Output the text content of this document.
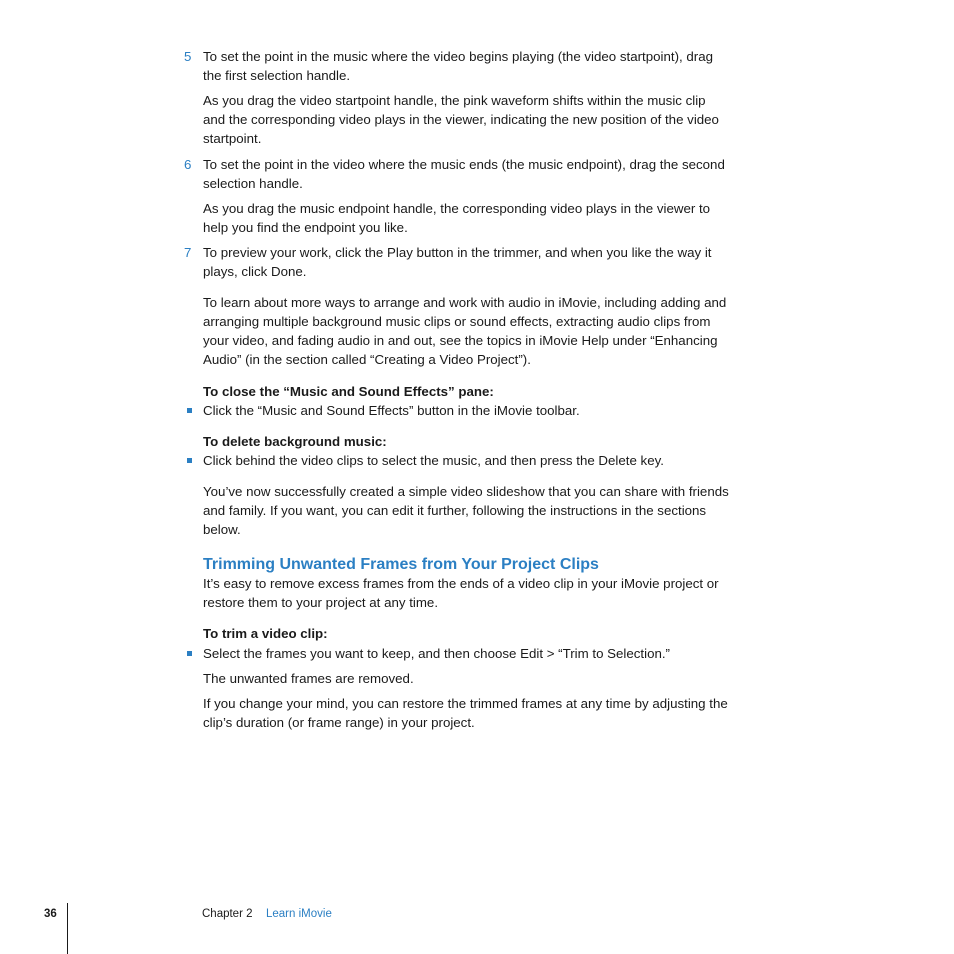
5 To set the point in the music where the video begins playing (the video startpoint), drag the first selection handle.

As you drag the video startpoint handle, the pink waveform shifts within the music clip and the corresponding video plays in the viewer, indicating the new position of the video startpoint.

6 To set the point in the video where the music ends (the music endpoint), drag the second selection handle.

As you drag the music endpoint handle, the corresponding video plays in the viewer to help you find the endpoint you like.

7 To preview your work, click the Play button in the trimmer, and when you like the way it plays, click Done.

To learn about more ways to arrange and work with audio in iMovie, including adding and arranging multiple background music clips or sound effects, extracting audio clips from your video, and fading audio in and out, see the topics in iMovie Help under “Enhancing Audio” (in the section called “Creating a Video Project”).

To close the “Music and Sound Effects” pane:

Click the “Music and Sound Effects” button in the iMovie toolbar.

To delete background music:

Click behind the video clips to select the music, and then press the Delete key.

You’ve now successfully created a simple video slideshow that you can share with friends and family. If you want, you can edit it further, following the instructions in the sections below.

Trimming Unwanted Frames from Your Project Clips

It’s easy to remove excess frames from the ends of a video clip in your iMovie project or restore them to your project at any time.

To trim a video clip:

Select the frames you want to keep, and then choose Edit > “Trim to Selection.”

The unwanted frames are removed.

If you change your mind, you can restore the trimmed frames at any time by adjusting the clip’s duration (or frame range) in your project.

36	Chapter 2 Learn iMovie
